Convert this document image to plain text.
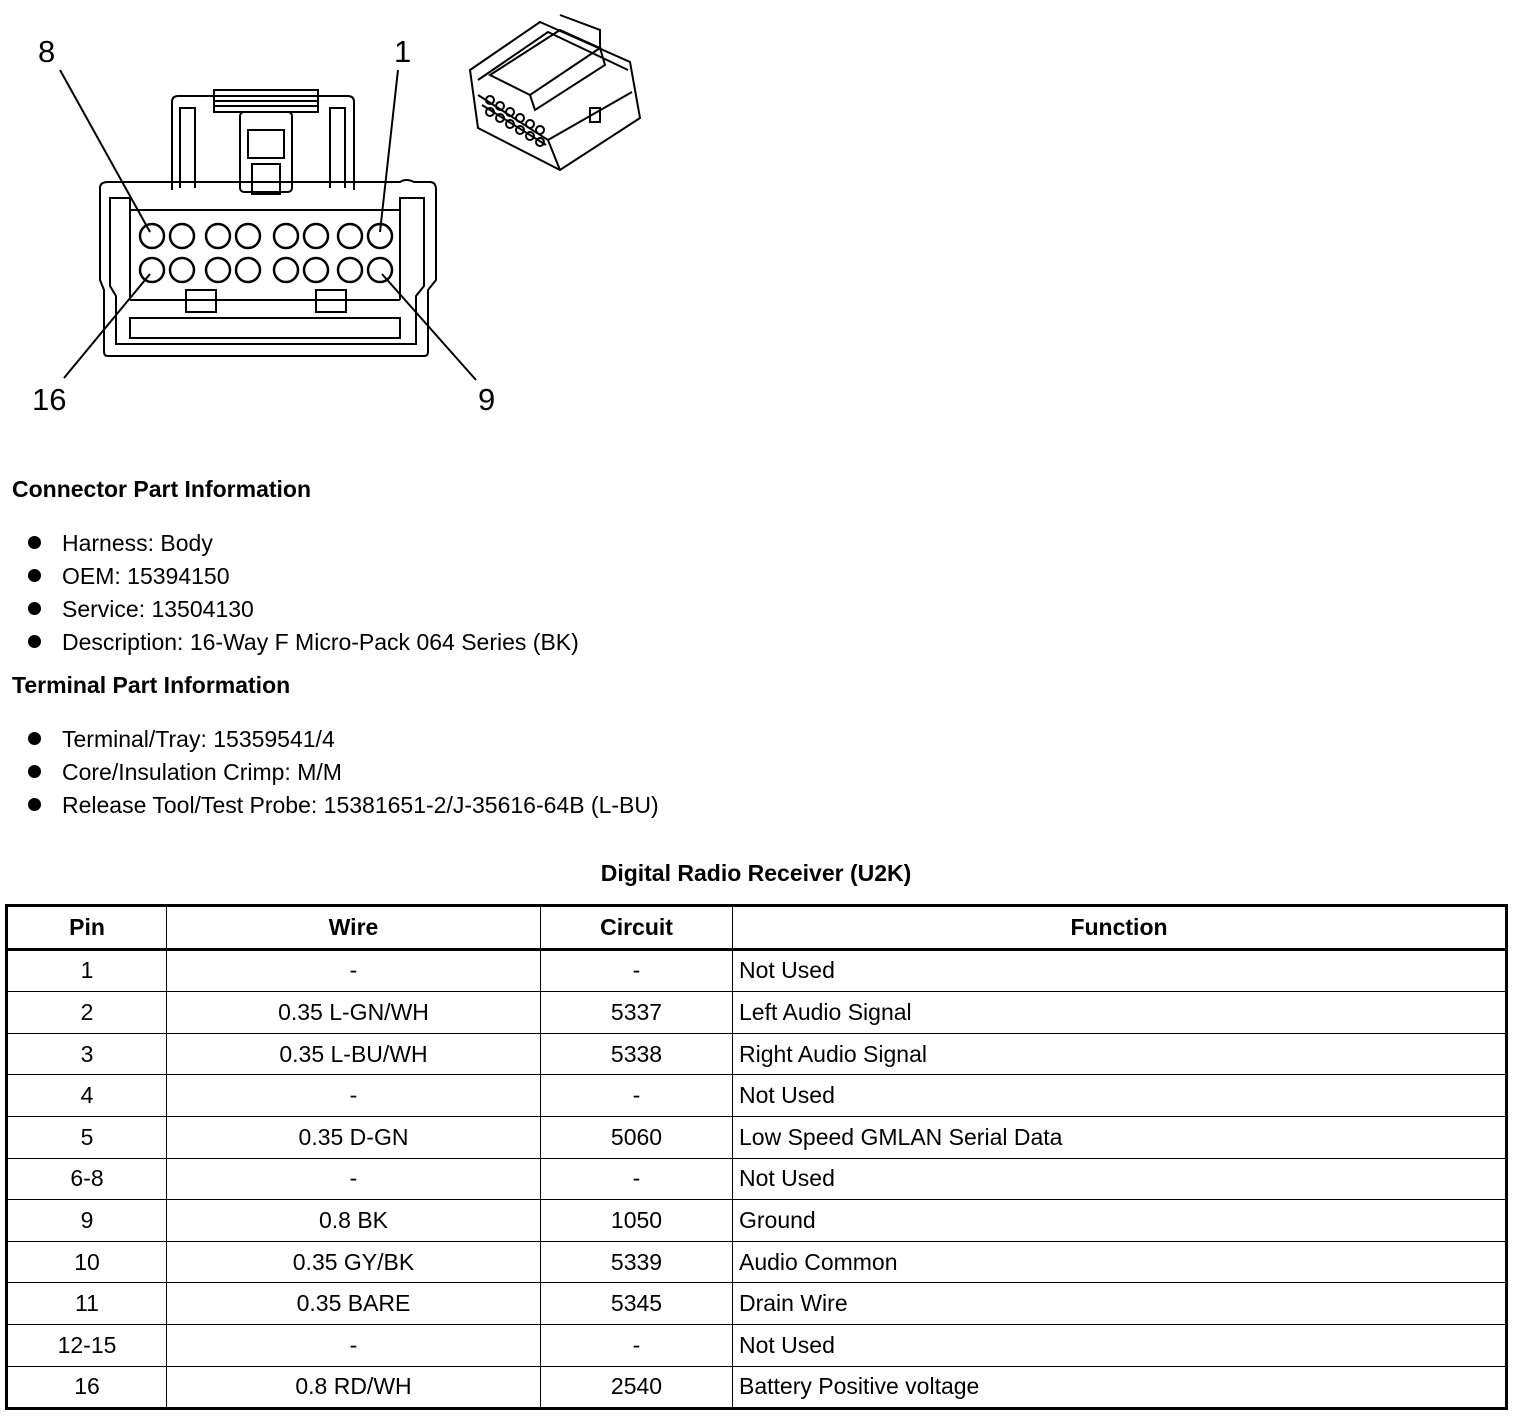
8	1
16	9
Connector Part Information
Harness: Body
OEM: 15394150
Service: 13504130
Description: 16-Way F Micro-Pack 064 Series (BK)
Terminal Part Information
Terminal/Tray: 15359541/4
Core/Insulation Crimp: M/M
Release Tool/Test Probe: 15381651-2/J-35616-64B (L-BU)
Digital Radio Receiver (U2K)
Pin	Wire	Circuit	Function
1	-	-	Not Used
2	0.35 L-GN/WH	5337	Left Audio Signal
3	0.35 L-BU/WH	5338	Right Audio Signal
4	-	-	Not Used
5	0.35 D-GN	5060	Low Speed GMLAN Serial Data
6-8	-	-	Not Used
9	0.8 BK	1050	Ground
10	0.35 GY/BK	5339	Audio Common
11	0.35 BARE	5345	Drain Wire
12-15	-	-	Not Used
16	0.8 RD/WH	2540	Battery Positive voltage
